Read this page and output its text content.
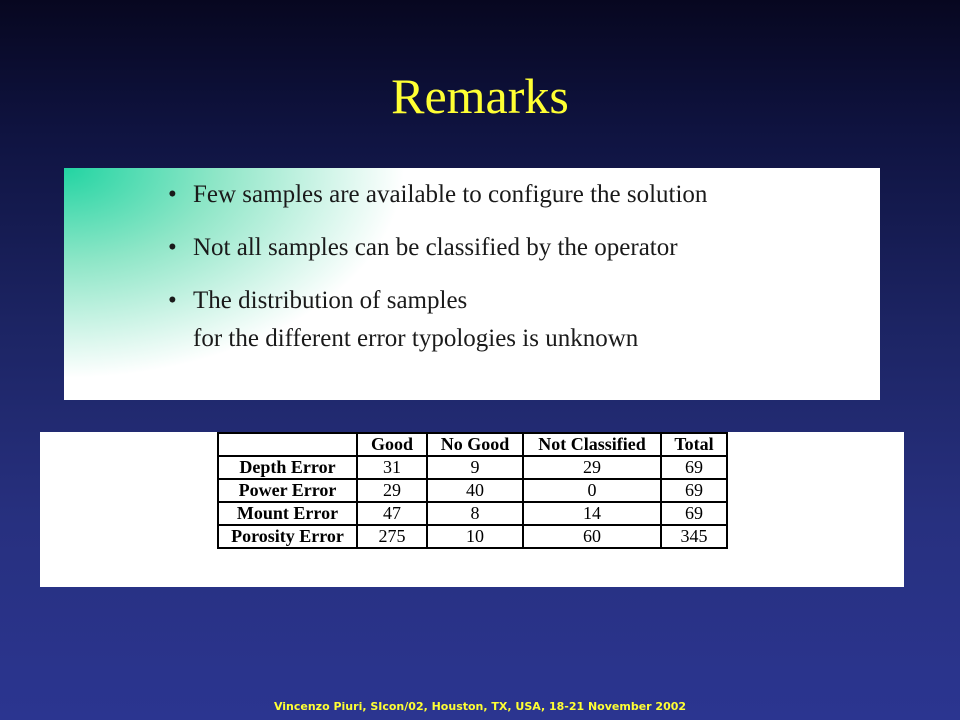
Remarks
• Few samples are available to configure the solution
• Not all samples can be classified by the operator
• The distribution of samples
for the different error typologies is unknown
	Good	No Good	Not Classified	Total
Depth Error	31	9	29	69
Power Error	29	40	0	69
Mount Error	47	8	14	69
Porosity Error	275	10	60	345
Vincenzo Piuri, SIcon/02, Houston, TX, USA, 18-21 November 2002
